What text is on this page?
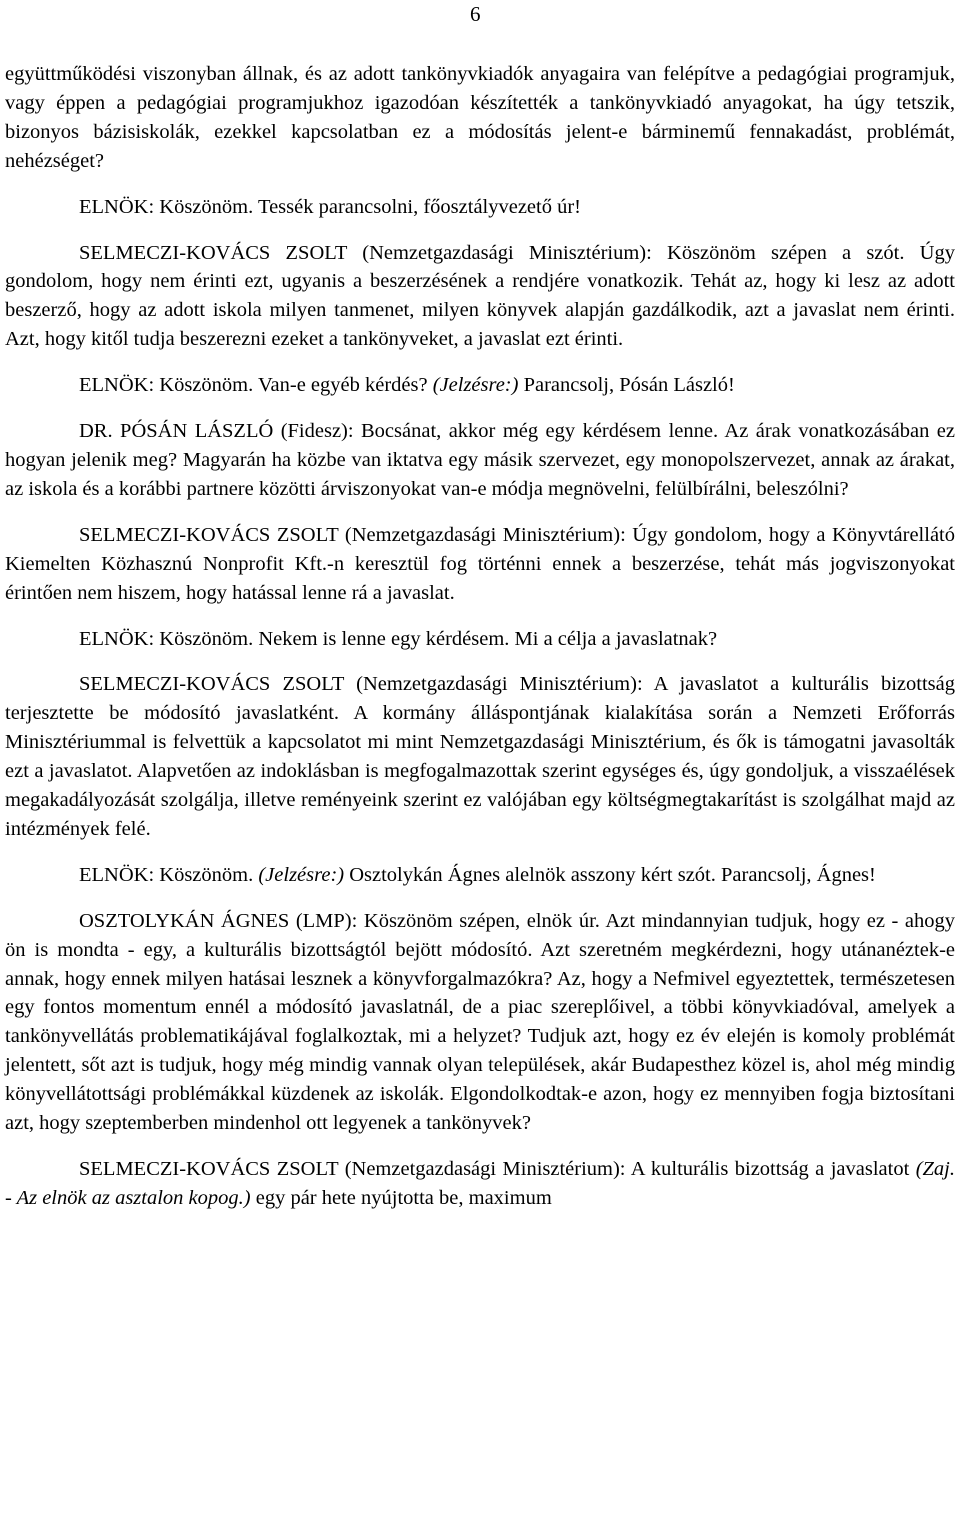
6

együttműködési viszonyban állnak, és az adott tankönyvkiadók anyagaira van felépítve a pedagógiai programjuk, vagy éppen a pedagógiai programjukhoz igazodóan készítették a tankönyvkiadó anyagokat, ha úgy tetszik, bizonyos bázisiskolák, ezekkel kapcsolatban ez a módosítás jelent-e bárminemű fennakadást, problémát, nehézséget?

ELNÖK: Köszönöm. Tessék parancsolni, főosztályvezető úr!

SELMECZI-KOVÁCS ZSOLT (Nemzetgazdasági Minisztérium): Köszönöm szépen a szót. Úgy gondolom, hogy nem érinti ezt, ugyanis a beszerzésének a rendjére vonatkozik. Tehát az, hogy ki lesz az adott beszerző, hogy az adott iskola milyen tanmenet, milyen könyvek alapján gazdálkodik, azt a javaslat nem érinti. Azt, hogy kitől tudja beszerezni ezeket a tankönyveket, a javaslat ezt érinti.

ELNÖK: Köszönöm. Van-e egyéb kérdés? (Jelzésre:) Parancsolj, Pósán László!

DR. PÓSÁN LÁSZLÓ (Fidesz): Bocsánat, akkor még egy kérdésem lenne. Az árak vonatkozásában ez hogyan jelenik meg? Magyarán ha közbe van iktatva egy másik szervezet, egy monopolszervezet, annak az árakat, az iskola és a korábbi partnere közötti árviszonyokat van-e módja megnövelni, felülbírálni, beleszólni?

SELMECZI-KOVÁCS ZSOLT (Nemzetgazdasági Minisztérium): Úgy gondolom, hogy a Könyvtárellátó Kiemelten Közhasznú Nonprofit Kft.-n keresztül fog történni ennek a beszerzése, tehát más jogviszonyokat érintően nem hiszem, hogy hatással lenne rá a javaslat.

ELNÖK: Köszönöm. Nekem is lenne egy kérdésem. Mi a célja a javaslatnak?

SELMECZI-KOVÁCS ZSOLT (Nemzetgazdasági Minisztérium): A javaslatot a kulturális bizottság terjesztette be módosító javaslatként. A kormány álláspontjának kialakítása során a Nemzeti Erőforrás Minisztériummal is felvettük a kapcsolatot mi mint Nemzetgazdasági Minisztérium, és ők is támogatni javasolták ezt a javaslatot. Alapvetően az indoklásban is megfogalmazottak szerint egységes és, úgy gondoljuk, a visszaélések megakadályozását szolgálja, illetve reményeink szerint ez valójában egy költségmegtakarítást is szolgálhat majd az intézmények felé.

ELNÖK: Köszönöm. (Jelzésre:) Osztolykán Ágnes alelnök asszony kért szót. Parancsolj, Ágnes!

OSZTOLYKÁN ÁGNES (LMP): Köszönöm szépen, elnök úr. Azt mindannyian tudjuk, hogy ez - ahogy ön is mondta - egy, a kulturális bizottságtól bejött módosító. Azt szeretném megkérdezni, hogy utánanéztek-e annak, hogy ennek milyen hatásai lesznek a könyvforgalmazókra? Az, hogy a Nefmivel egyeztettek, természetesen egy fontos momentum ennél a módosító javaslatnál, de a piac szereplőivel, a többi könyvkiadóval, amelyek a tankönyvellátás problematikájával foglalkoztak, mi a helyzet? Tudjuk azt, hogy ez év elején is komoly problémát jelentett, sőt azt is tudjuk, hogy még mindig vannak olyan települések, akár Budapesthez közel is, ahol még mindig könyvellátottsági problémákkal küzdenek az iskolák. Elgondolkodtak-e azon, hogy ez mennyiben fogja biztosítani azt, hogy szeptemberben mindenhol ott legyenek a tankönyvek?

SELMECZI-KOVÁCS ZSOLT (Nemzetgazdasági Minisztérium): A kulturális bizottság a javaslatot (Zaj. - Az elnök az asztalon kopog.) egy pár hete nyújtotta be, maximum
